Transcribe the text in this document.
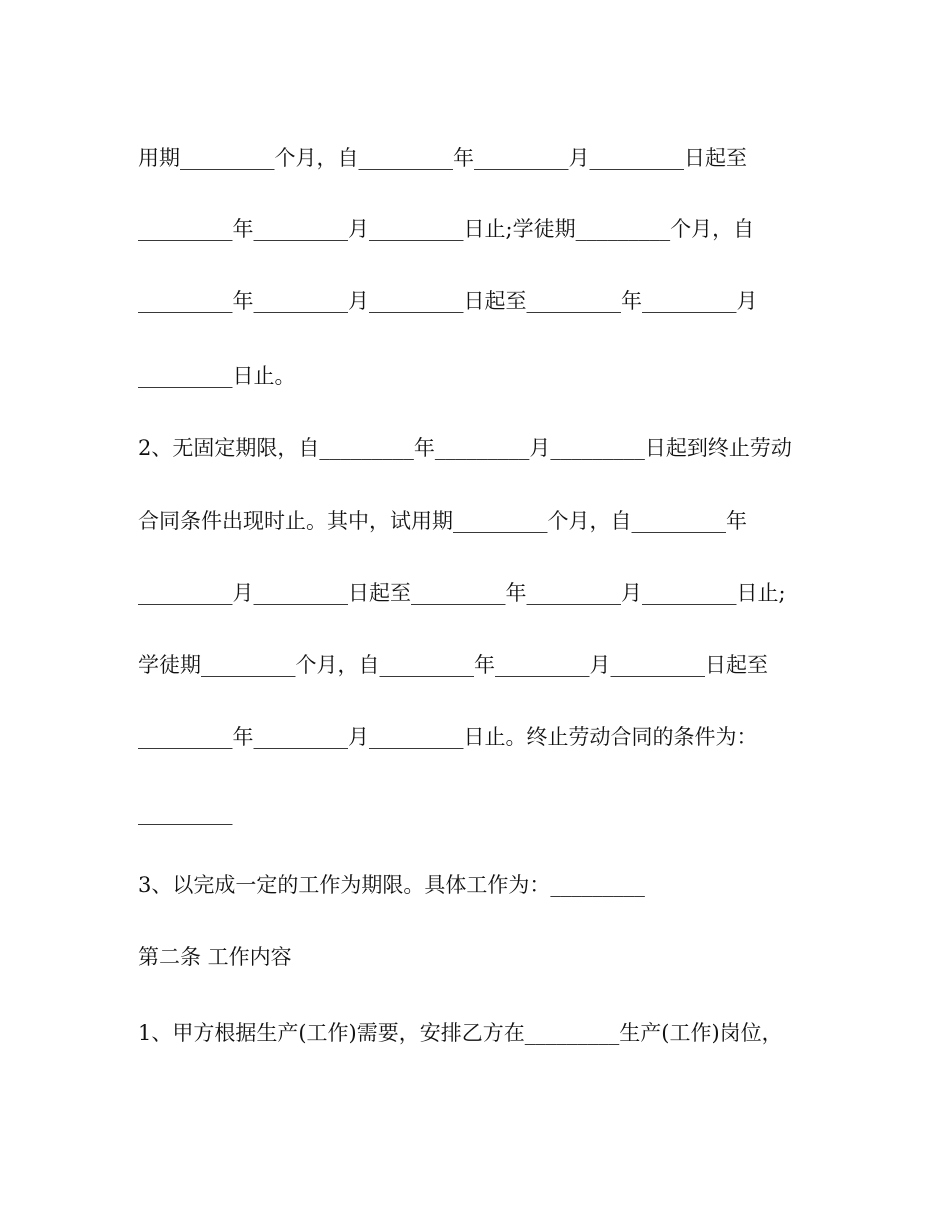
用期_________个月，自_________年_________月_________日起至
_________年_________月_________日止;学徒期_________个月，自
_________年_________月_________日起至_________年_________月
_________日止。
2、无固定期限，自_________年_________月_________日起到终止劳动
合同条件出现时止。其中，试用期_________个月，自_________年
_________月_________日起至_________年_________月_________日止;
学徒期_________个月，自_________年_________月_________日起至
_________年_________月_________日止。终止劳动合同的条件为：
_________
3、以完成一定的工作为期限。具体工作为：_________
第二条 工作内容
1、甲方根据生产(工作)需要，安排乙方在_________生产(工作)岗位，
